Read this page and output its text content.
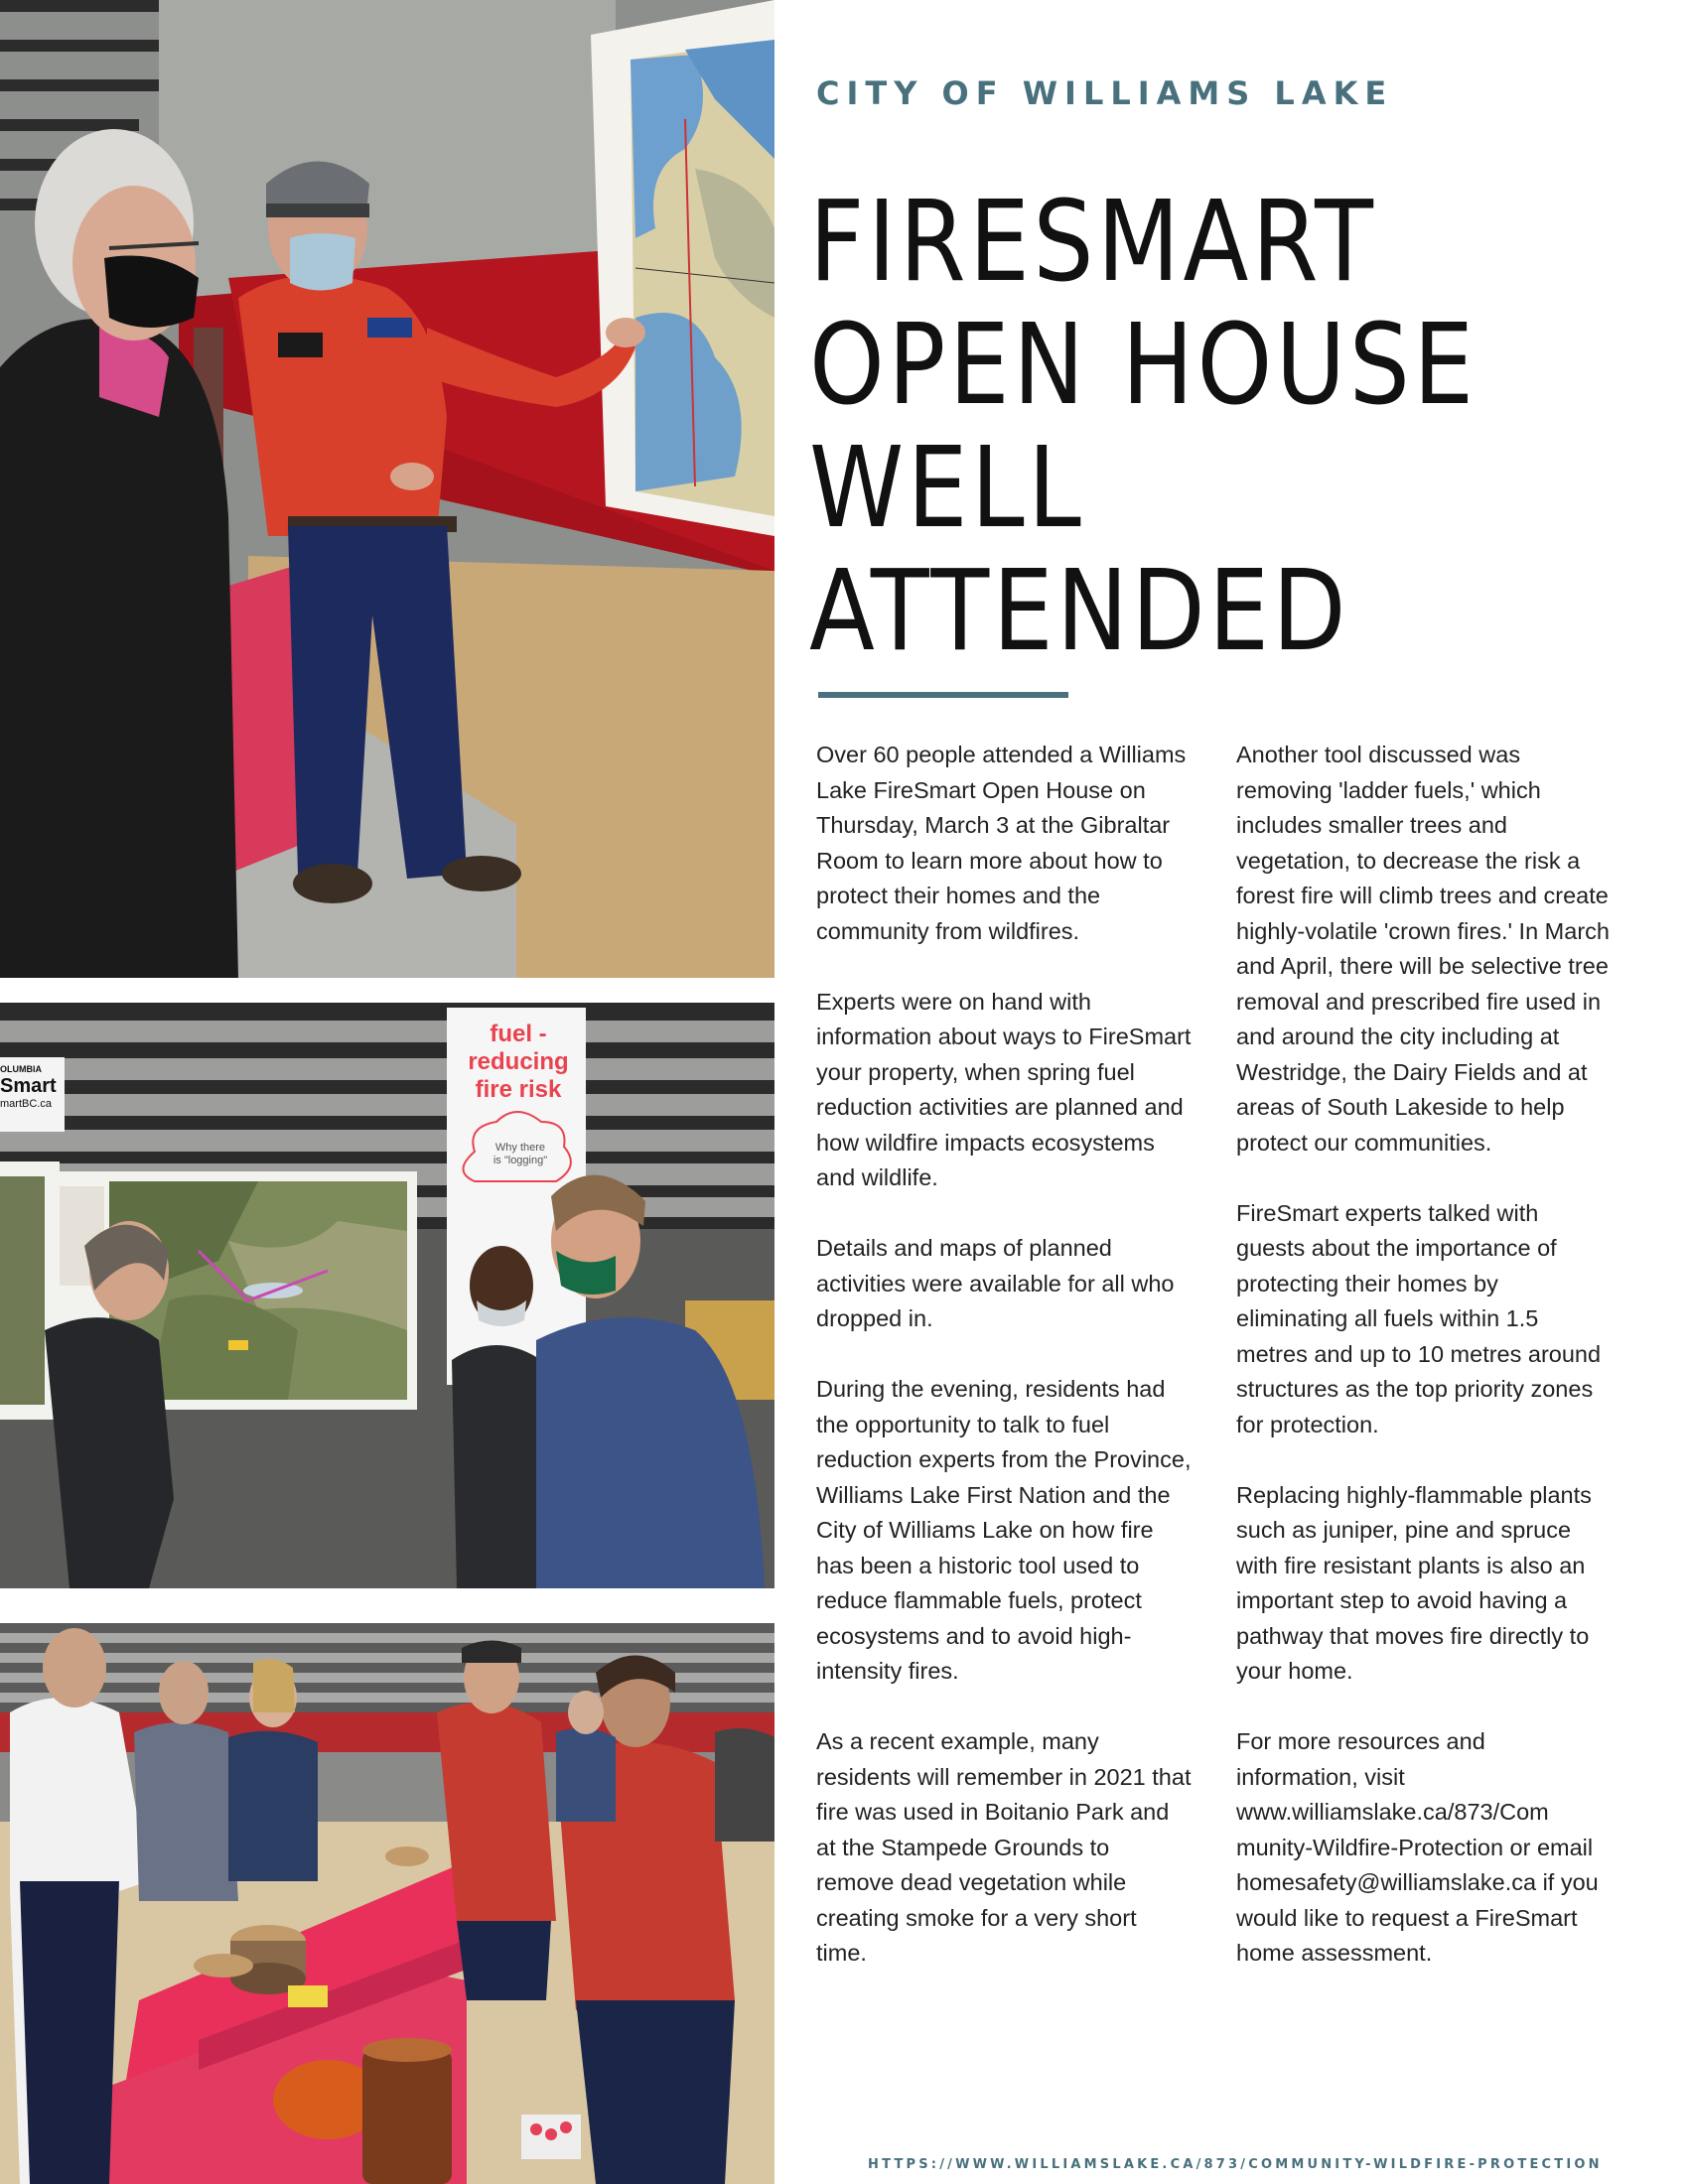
OLUMBIA
Smart
martBC.ca
fuel -
reducing
fire risk
Why there
is "logging"
CITY OF WILLIAMS LAKE
FIRESMART
OPEN HOUSE
WELL
ATTENDED

Over 60 people attended a Williams Lake FireSmart Open House on Thursday, March 3 at the Gibraltar Room to learn more about how to protect their homes and the community from wildfires.

Experts were on hand with information about ways to FireSmart your property, when spring fuel reduction activities are planned and how wildfire impacts ecosystems and wildlife.

Details and maps of planned activities were available for all who dropped in.

During the evening, residents had the opportunity to talk to fuel reduction experts from the Province, Williams Lake First Nation and the City of Williams Lake on how fire has been a historic tool used to reduce flammable fuels, protect ecosystems and to avoid high-intensity fires.

As a recent example, many residents will remember in 2021 that fire was used in Boitanio Park and at the Stampede Grounds to remove dead vegetation while creating smoke for a very short time.

Another tool discussed was removing 'ladder fuels,' which includes smaller trees and vegetation, to decrease the risk a forest fire will climb trees and create highly-volatile 'crown fires.' In March and April, there will be selective tree removal and prescribed fire used in and around the city including at Westridge, the Dairy Fields and at areas of South Lakeside to help protect our communities.

FireSmart experts talked with guests about the importance of protecting their homes by eliminating all fuels within 1.5 metres and up to 10 metres around structures as the top priority zones for protection.

Replacing highly-flammable plants such as juniper, pine and spruce with fire resistant plants is also an important step to avoid having a pathway that moves fire directly to your home.

For more resources and information, visit www.williamslake.ca/873/Com munity-Wildfire-Protection or email homesafety@williamslake.ca if you would like to request a FireSmart home assessment.

HTTPS://WWW.WILLIAMSLAKE.CA/873/COMMUNITY-WILDFIRE-PROTECTION
